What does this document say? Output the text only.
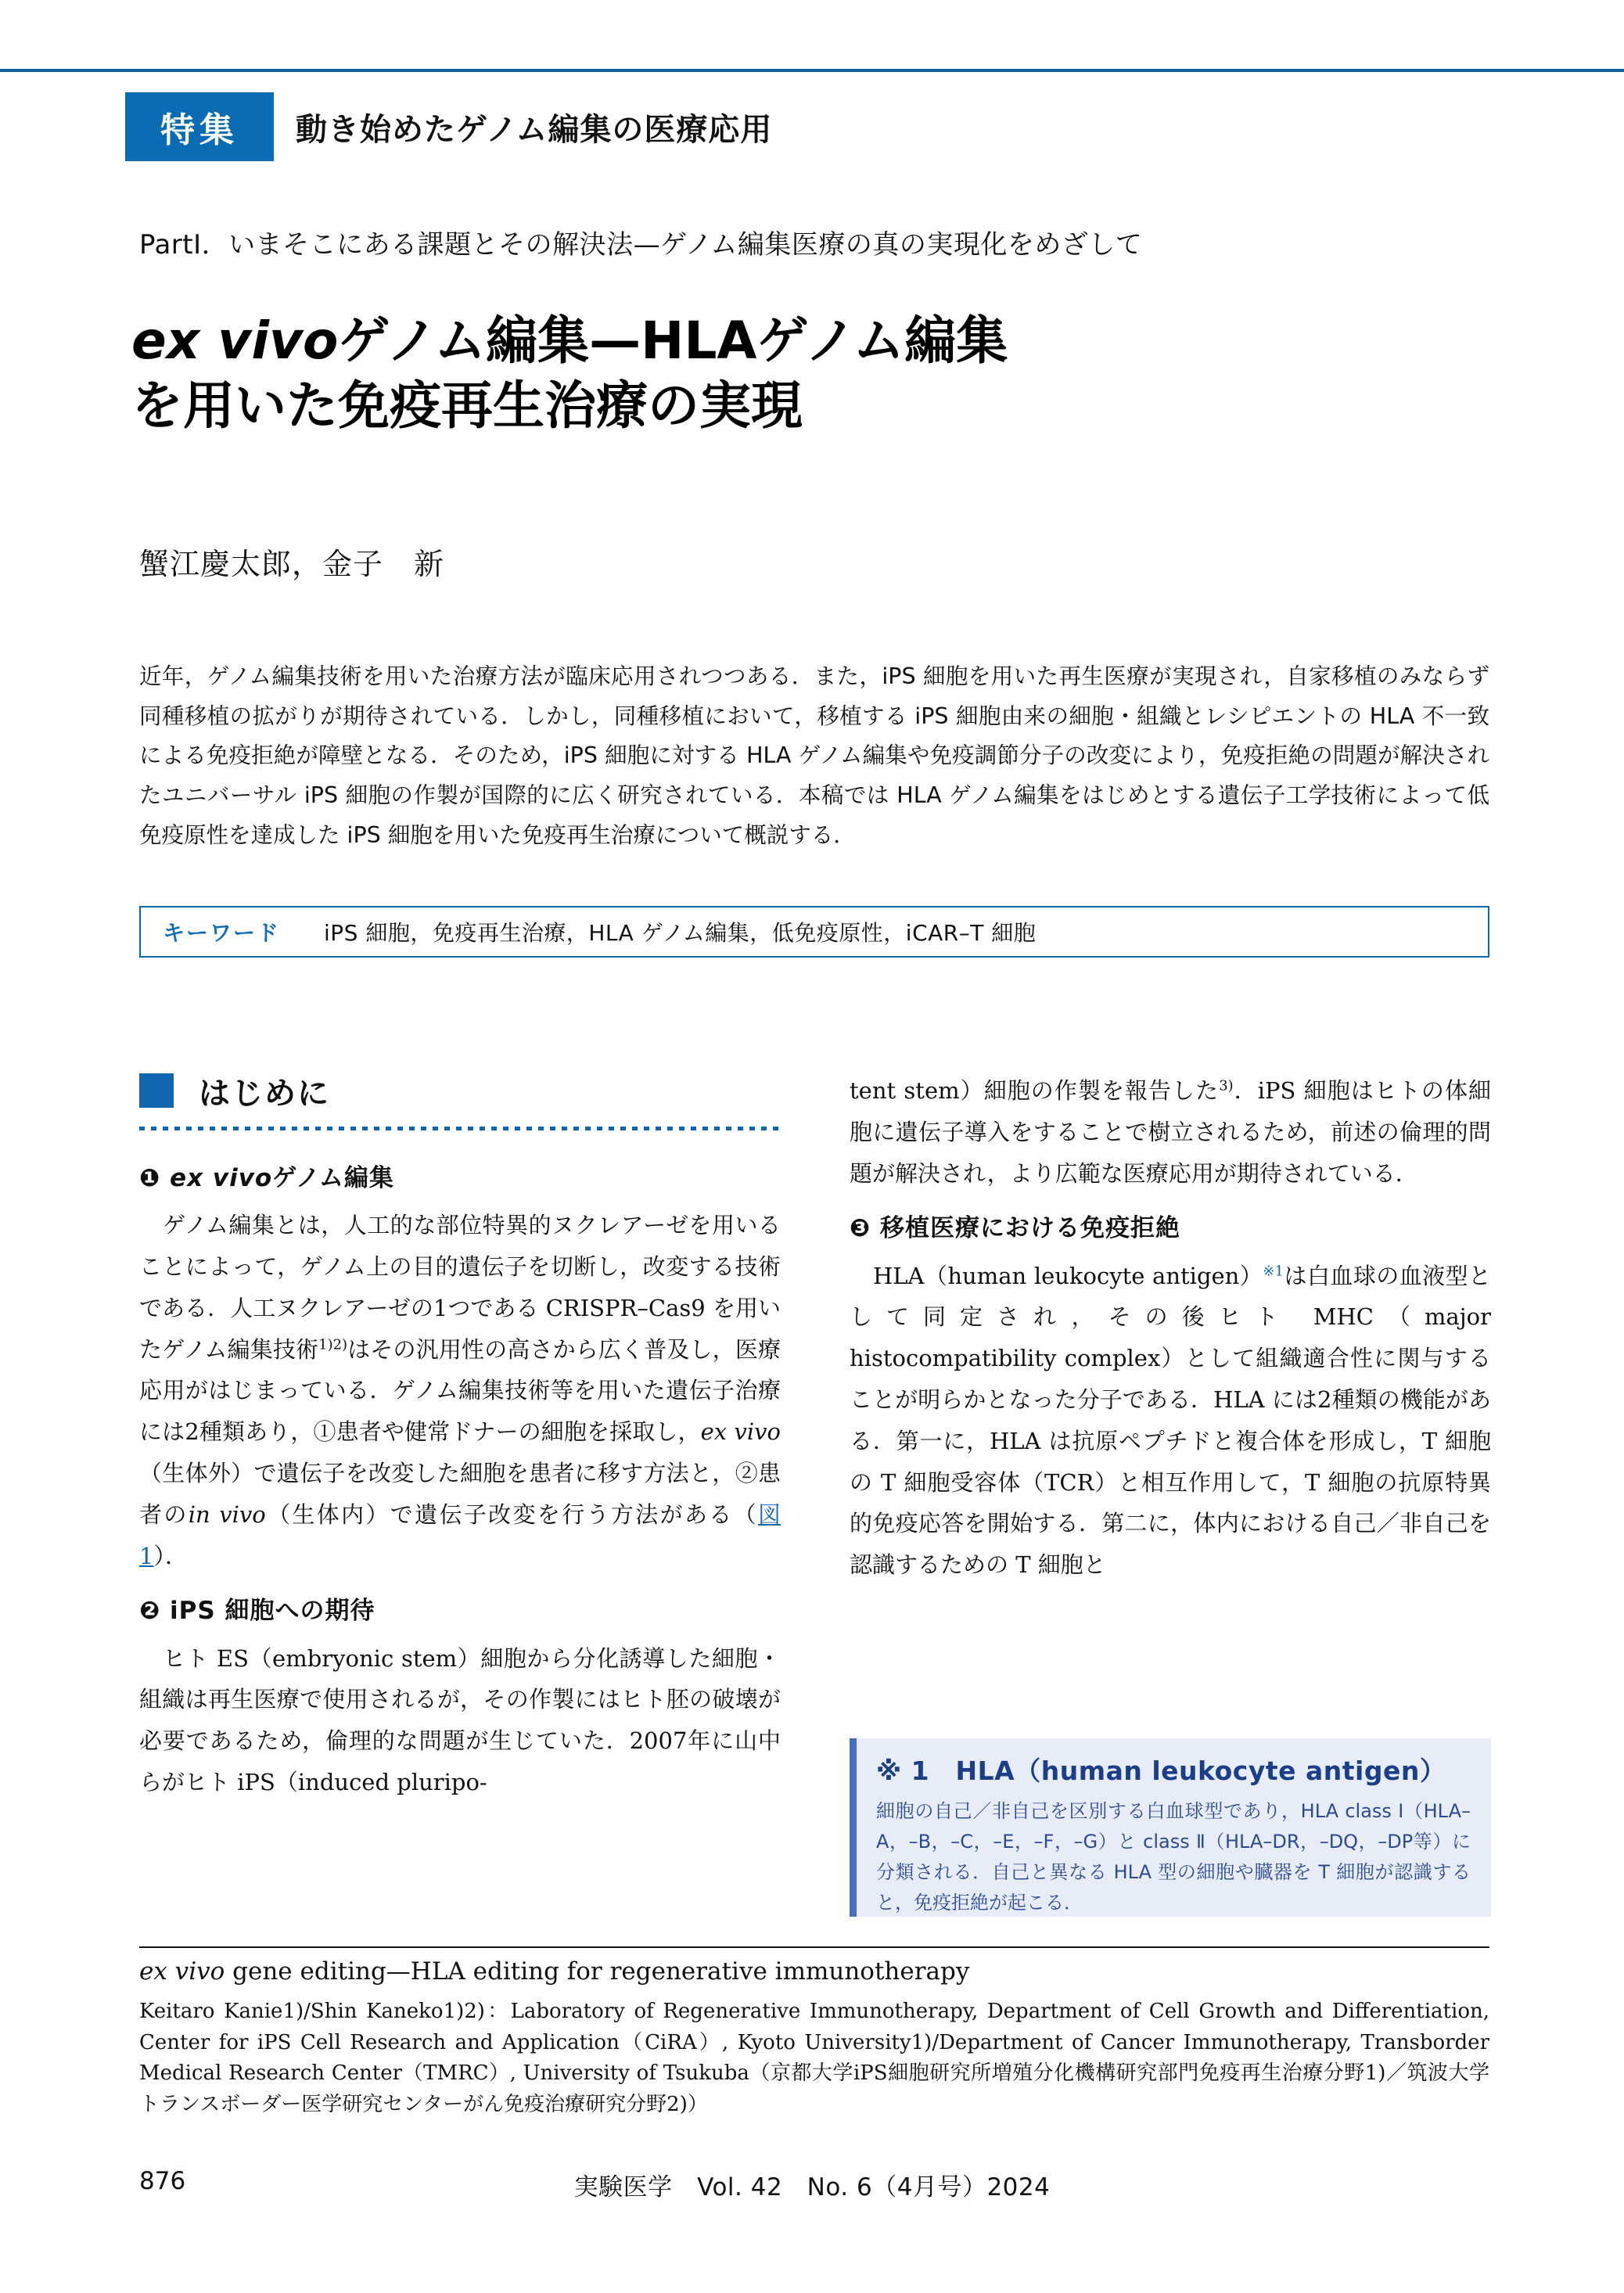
特集	動き始めたゲノム編集の医療応用
PartⅠ．いまそこにある課題とその解決法—ゲノム編集医療の真の実現化をめざして
ex vivoゲノム編集—HLAゲノム編集
を用いた免疫再生治療の実現
蟹江慶太郎，金子　新

近年，ゲノム編集技術を用いた治療方法が臨床応用されつつある．また，iPS 細胞を用いた再生医療が実現され，自家移植のみならず同種移植の拡がりが期待されている．しかし，同種移植において，移植する iPS 細胞由来の細胞・組織とレシピエントの HLA 不一致による免疫拒絶が障壁となる．そのため，iPS 細胞に対する HLA ゲノム編集や免疫調節分子の改変により，免疫拒絶の問題が解決されたユニバーサル iPS 細胞の作製が国際的に広く研究されている．本稿では HLA ゲノム編集をはじめとする遺伝子工学技術によって低免疫原性を達成した iPS 細胞を用いた免疫再生治療について概説する．

キーワード iPS 細胞，免疫再生治療，HLA ゲノム編集，低免疫原性，iCAR–T 細胞
はじめに
❶ ex vivoゲノム編集

ゲノム編集とは，人工的な部位特異的ヌクレアーゼを用いることによって，ゲノム上の目的遺伝子を切断し，改変する技術である．人工ヌクレアーゼの1つである CRISPR–Cas9 を用いたゲノム編集技術$^{1)2)}$はその汎用性の高さから広く普及し，医療応用がはじまっている．ゲノム編集技術等を用いた遺伝子治療には2種類あり，①患者や健常ドナーの細胞を採取し，ex vivo（生体外）で遺伝子を改変した細胞を患者に移す方法と，②患者のin vivo（生体内）で遺伝子改変を行う方法がある（図1）．

❷ iPS 細胞への期待

ヒト ES（embryonic stem）細胞から分化誘導した細胞・組織は再生医療で使用されるが，その作製にはヒト胚の破壊が必要であるため，倫理的な問題が生じていた．2007年に山中らがヒト iPS（induced pluripo-

tent stem）細胞の作製を報告した$^{3)}$．iPS 細胞はヒトの体細胞に遺伝子導入をすることで樹立されるため，前述の倫理的問題が解決され，より広範な医療応用が期待されている．

❸ 移植医療における免疫拒絶

HLA（human leukocyte antigen）$^{※1}$は白血球の血液型として同定され，その後ヒト MHC（major histocompatibility complex）として組織適合性に関与することが明らかとなった分子である．HLA には2種類の機能がある．第一に，HLA は抗原ペプチドと複合体を形成し，T 細胞の T 細胞受容体（TCR）と相互作用して，T 細胞の抗原特異的免疫応答を開始する．第二に，体内における自己／非自己を認識するための T 細胞と

※ 1　HLA（human leukocyte antigen）
細胞の自己／非自己を区別する白血球型であり，HLA class Ⅰ（HLA–A，–B，–C，–E，–F，–G）と class Ⅱ（HLA–DR，–DQ，–DP等）に分類される．自己と異なる HLA 型の細胞や臓器を T 細胞が認識すると，免疫拒絶が起こる．
ex vivo gene editing—HLA editing for regenerative immunotherapy
Keitaro Kanie1)/Shin Kaneko1)2)：Laboratory of Regenerative Immunotherapy, Department of Cell Growth and Differentiation, Center for iPS Cell Research and Application（CiRA）, Kyoto University1)/Department of Cancer Immunotherapy, Transborder Medical Research Center（TMRC）, University of Tsukuba（京都大学iPS細胞研究所増殖分化機構研究部門免疫再生治療分野1)／筑波大学トランスボーダー医学研究センターがん免疫治療研究分野2)）
876	実験医学　Vol. 42　No. 6（4月号）2024
